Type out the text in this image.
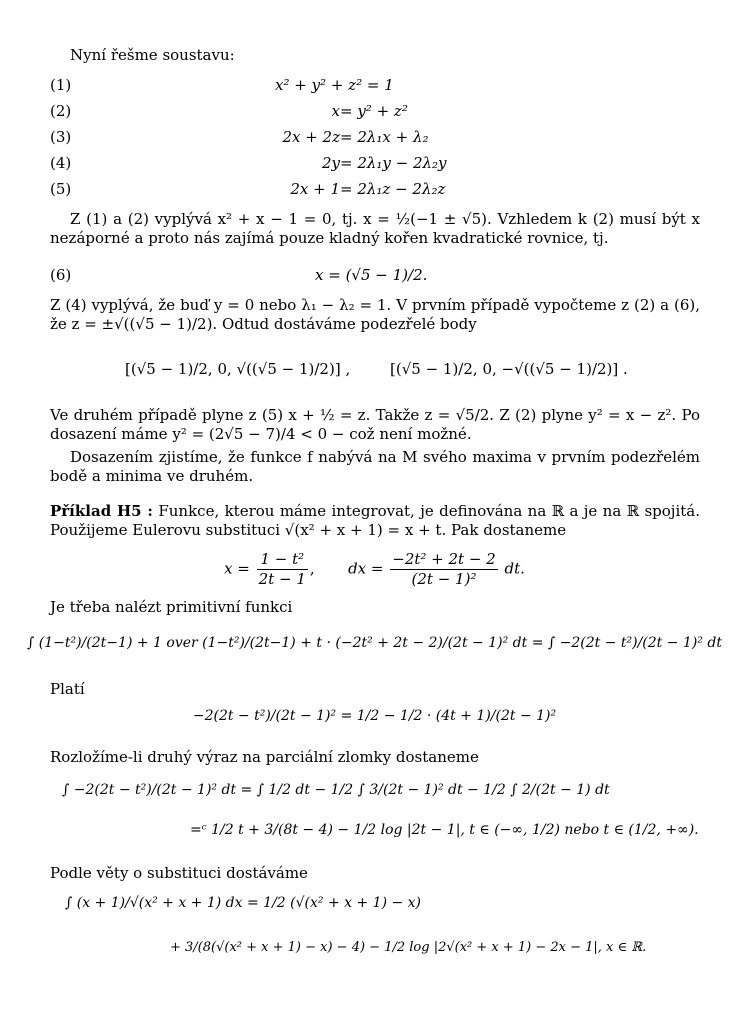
Nyní řešme soustavu:
(1)	x² + y² + z² = 1
(2)	x = y² + z²
(3)	2x + 2z = 2λ₁x + λ₂
(4)	2y = 2λ₁y − 2λ₂y
(5)	2x + 1 = 2λ₁z − 2λ₂z
Z (1) a (2) vyplývá x² + x − 1 = 0, tj. x = ½(−1 ± √5). Vzhledem k (2) musí být x nezáporné a proto nás zajímá pouze kladný kořen kvadratické rovnice, tj.
(6)	x = (√5 − 1)/2.
Z (4) vyplývá, že buď y = 0 nebo λ₁ − λ₂ = 1. V prvním případě vypočteme z (2) a (6), že z = ±√((√5 − 1)/2). Odtud dostáváme podezřelé body
[(√5 − 1)/2, 0, √((√5 − 1)/2)] ,	[(√5 − 1)/2, 0, −√((√5 − 1)/2)] .
Ve druhém případě plyne z (5) x + ½ = z. Takže z = √5/2. Z (2) plyne y² = x − z². Po dosazení máme y² = (2√5 − 7)/4 < 0 − což není možné.
Dosazením zjistíme, že funkce f nabývá na M svého maxima v prvním podezřelém bodě a minima ve druhém.
Příklad H5 : Funkce, kterou máme integrovat, je definována na ℝ a je na ℝ spojitá. Použijeme Eulerovu substituci √(x² + x + 1) = x + t. Pak dostaneme
$x = \frac{\text{1 − t²}}{2t - 1}$ , dx = $\frac{\text{−2t² + 2t − 2}}{\text{(2t − 1)²}}$ dt.
Je třeba nalézt primitivní funkci
∫ (1−t²)/(2t−1) + 1 over (1−t²)/(2t−1) + t · (−2t² + 2t − 2)/(2t − 1)² dt = ∫ −2(2t − t²)/(2t − 1)² dt
Platí
−2(2t − t²)/(2t − 1)² = 1/2 − 1/2 · (4t + 1)/(2t − 1)²
Rozložíme-li druhý výraz na parciální zlomky dostaneme
∫ −2(2t − t²)/(2t − 1)² dt = ∫ 1/2 dt − 1/2 ∫ 3/(2t − 1)² dt − 1/2 ∫ 2/(2t − 1) dt
=ᶜ 1/2 t + 3/(8t − 4) − 1/2 log |2t − 1|, t ∈ (−∞, 1/2) nebo t ∈ (1/2, +∞).
Podle věty o substituci dostáváme
∫ (x + 1)/√(x² + x + 1) dx = 1/2 (√(x² + x + 1) − x)
+ 3/(8(√(x² + x + 1) − x) − 4) − 1/2 log |2√(x² + x + 1) − 2x − 1|, x ∈ ℝ.
